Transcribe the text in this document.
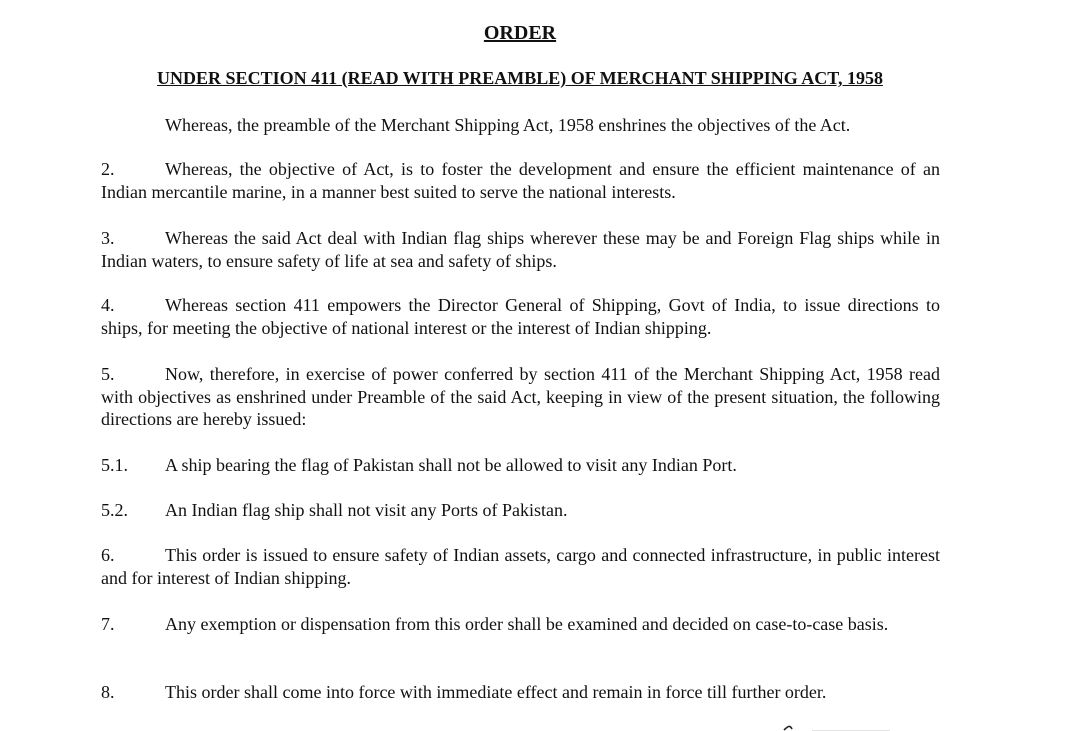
ORDER
UNDER SECTION 411 (READ WITH PREAMBLE) OF MERCHANT SHIPPING ACT, 1958
Whereas, the preamble of the Merchant Shipping Act, 1958 enshrines the objectives of the Act.
2.	Whereas, the objective of Act, is to foster the development and ensure the efficient maintenance of an Indian mercantile marine, in a manner best suited to serve the national interests.
3.	Whereas the said Act deal with Indian flag ships wherever these may be and Foreign Flag ships while in Indian waters, to ensure safety of life at sea and safety of ships.
4.	Whereas section 411 empowers the Director General of Shipping, Govt of India, to issue directions to ships, for meeting the objective of national interest or the interest of Indian shipping.
5.	Now, therefore, in exercise of power conferred by section 411 of the Merchant Shipping Act, 1958 read with objectives as enshrined under Preamble of the said Act, keeping in view of the present situation, the following directions are hereby issued:
5.1. A ship bearing the flag of Pakistan shall not be allowed to visit any Indian Port.
5.2. An Indian flag ship shall not visit any Ports of Pakistan.
6.	This order is issued to ensure safety of Indian assets, cargo and connected infrastructure, in public interest and for interest of Indian shipping.
7.	Any exemption or dispensation from this order shall be examined and decided on case-to-case basis.
8.	This order shall come into force with immediate effect and remain in force till further order.
